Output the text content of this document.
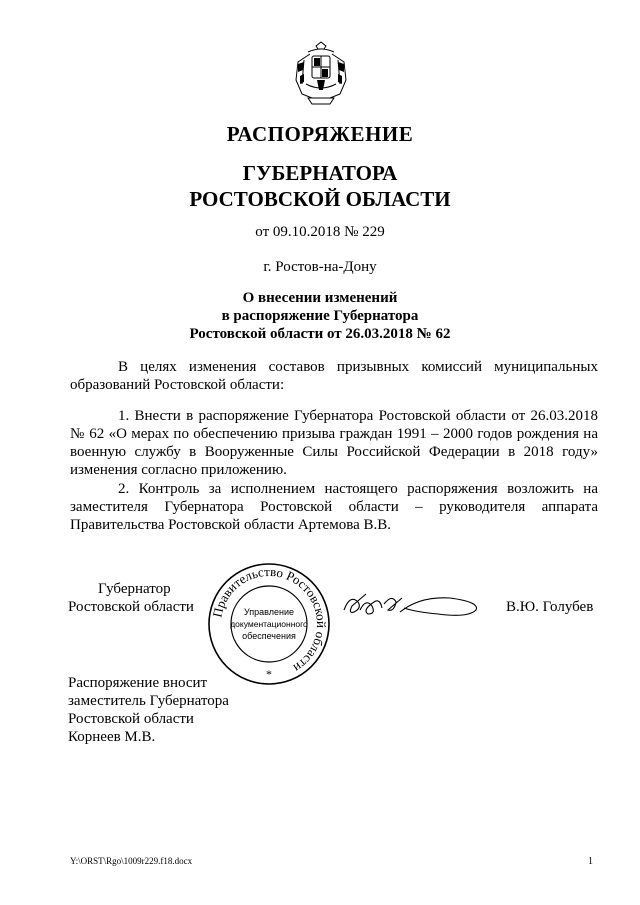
РАСПОРЯЖЕНИЕ
ГУБЕРНАТОРА
РОСТОВСКОЙ ОБЛАСТИ
от 09.10.2018 № 229
г. Ростов-на-Дону
О внесении изменений
в распоряжение Губернатора
Ростовской области от 26.03.2018 № 62

В целях изменения составов призывных комиссий муниципальных образований Ростовской области:

1. Внести в распоряжение Губернатора Ростовской области от 26.03.2018 № 62 «О мерах по обеспечению призыва граждан 1991 – 2000 годов рождения на военную службу в Вооруженные Силы Российской Федерации в 2018 году» изменения согласно приложению.

2. Контроль за исполнением настоящего распоряжения возложить на заместителя Губернатора Ростовской области – руководителя аппарата Правительства Ростовской области Артемова В.В.

Губернатор
Ростовской области Правительство Ростовской области
Управление
документационного
обеспечения
*
В.Ю. Голубев
Распоряжение вносит
заместитель Губернатора
Ростовской области
Корнеев М.В.
Y:\ORST\Rgo\1009r229.f18.docx	1
